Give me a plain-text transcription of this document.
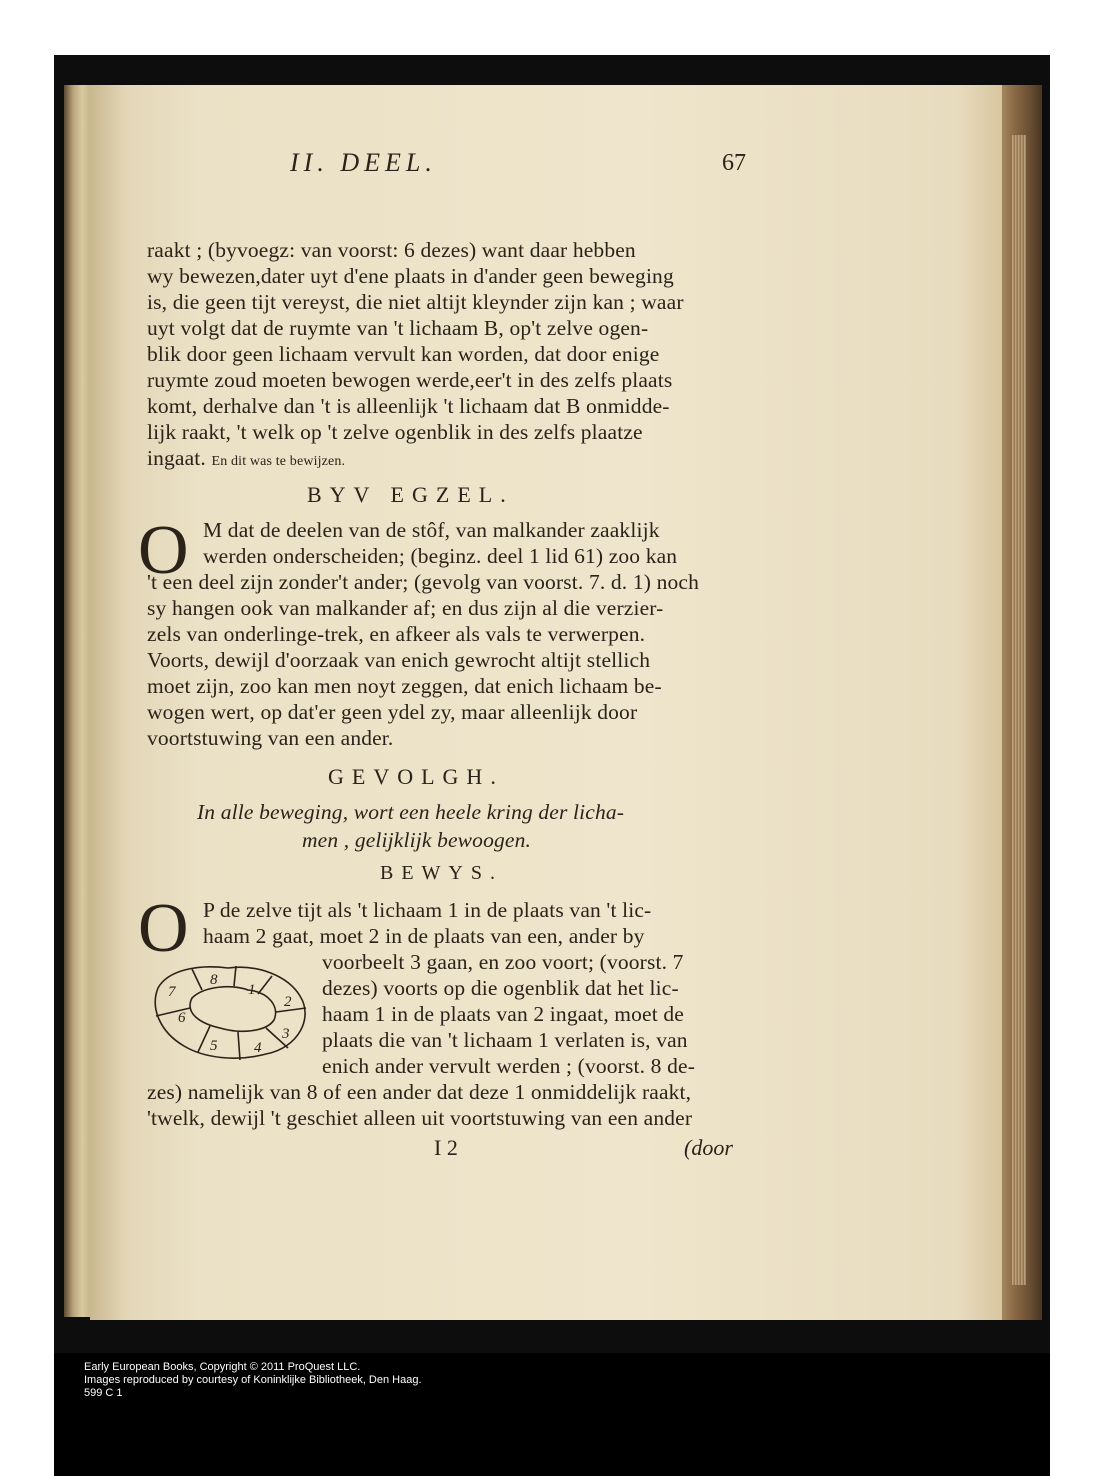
Early European Books, Copyright © 2011 ProQuest LLC.
Images reproduced by courtesy of Koninklijke Bibliotheek, Den Haag.
599 C 1
II. DEEL.	67
raakt ; (byvoegz: van voorst: 6 dezes) want daar hebben
wy bewezen,dater uyt d'ene plaats in d'ander geen beweging
is, die geen tijt vereyst, die niet altijt kleynder zijn kan ; waar
uyt volgt dat de ruymte van 't lichaam B, op't zelve ogen-
blik door geen lichaam vervult kan worden, dat door enige
ruymte zoud moeten bewogen werde,eer't in des zelfs plaats
komt, derhalve dan 't is alleenlijk 't lichaam dat B onmidde-
lijk raakt, 't welk op 't zelve ogenblik in des zelfs plaatze
ingaat. En dit was te bewijzen.
BYV EGZEL.
O M dat de deelen van de stôf, van malkander zaaklijk
werden onderscheiden; (beginz. deel 1 lid 61) zoo kan
't een deel zijn zonder't ander; (gevolg van voorst. 7. d. 1) noch
sy hangen ook van malkander af; en dus zijn al die verzier-
zels van onderlinge-trek, en afkeer als vals te verwerpen.
Voorts, dewijl d'oorzaak van enich gewrocht altijt stellich
moet zijn, zoo kan men noyt zeggen, dat enich lichaam be-
wogen wert, op dat'er geen ydel zy, maar alleenlijk door
voortstuwing van een ander.
GEVOLGH.
In alle beweging, wort een heele kring der licha-
men , gelijklijk bewoogen.
BEWYS.
O P de zelve tijt als 't lichaam 1 in de plaats van 't lic-
haam 2 gaat, moet 2 in de plaats van een, ander by
voorbeelt 3 gaan, en zoo voort; (voorst. 7
dezes) voorts op die ogenblik dat het lic-
haam 1 in de plaats van 2 ingaat, moet de
plaats die van 't lichaam 1 verlaten is, van
enich ander vervult werden ; (voorst. 8 de-
zes) namelijk van 8 of een ander dat deze 1 onmiddelijk raakt,
'twelk, dewijl 't geschiet alleen uit voortstuwing van een ander
I 2	(door
8
1
2
3
4
5
6
7
